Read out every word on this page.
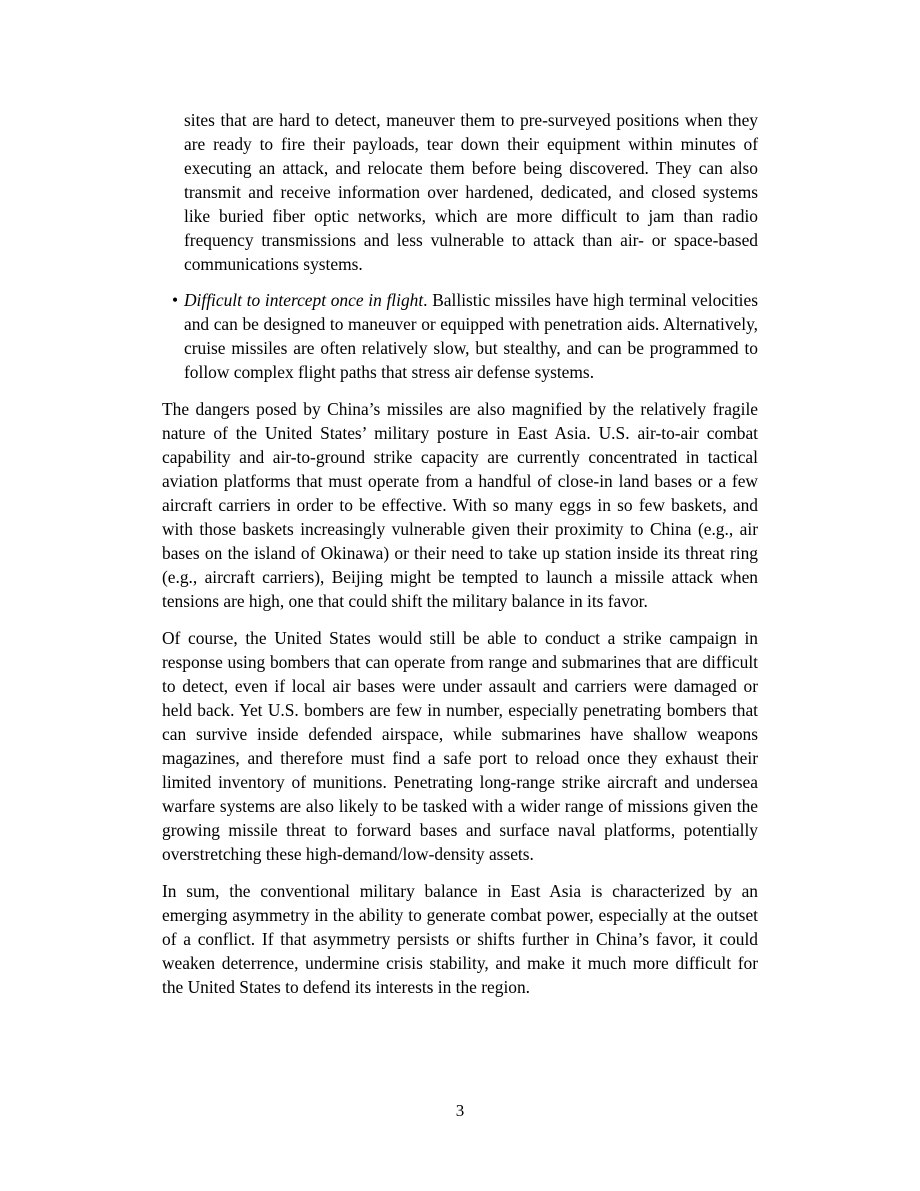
sites that are hard to detect, maneuver them to pre-surveyed positions when they are ready to fire their payloads, tear down their equipment within minutes of executing an attack, and relocate them before being discovered. They can also transmit and receive information over hardened, dedicated, and closed systems like buried fiber optic networks, which are more difficult to jam than radio frequency transmissions and less vulnerable to attack than air- or space-based communications systems.

• Difficult to intercept once in flight. Ballistic missiles have high terminal velocities and can be designed to maneuver or equipped with penetration aids. Alternatively, cruise missiles are often relatively slow, but stealthy, and can be programmed to follow complex flight paths that stress air defense systems.

The dangers posed by China’s missiles are also magnified by the relatively fragile nature of the United States’ military posture in East Asia. U.S. air-to-air combat capability and air-to-ground strike capacity are currently concentrated in tactical aviation platforms that must operate from a handful of close-in land bases or a few aircraft carriers in order to be effective. With so many eggs in so few baskets, and with those baskets increasingly vulnerable given their proximity to China (e.g., air bases on the island of Okinawa) or their need to take up station inside its threat ring (e.g., aircraft carriers), Beijing might be tempted to launch a missile attack when tensions are high, one that could shift the military balance in its favor.

Of course, the United States would still be able to conduct a strike campaign in response using bombers that can operate from range and submarines that are difficult to detect, even if local air bases were under assault and carriers were damaged or held back. Yet U.S. bombers are few in number, especially penetrating bombers that can survive inside defended airspace, while submarines have shallow weapons magazines, and therefore must find a safe port to reload once they exhaust their limited inventory of munitions. Penetrating long-range strike aircraft and undersea warfare systems are also likely to be tasked with a wider range of missions given the growing missile threat to forward bases and surface naval platforms, potentially overstretching these high-demand/low-density assets.

In sum, the conventional military balance in East Asia is characterized by an emerging asymmetry in the ability to generate combat power, especially at the outset of a conflict. If that asymmetry persists or shifts further in China’s favor, it could weaken deterrence, undermine crisis stability, and make it much more difficult for the United States to defend its interests in the region.

3
